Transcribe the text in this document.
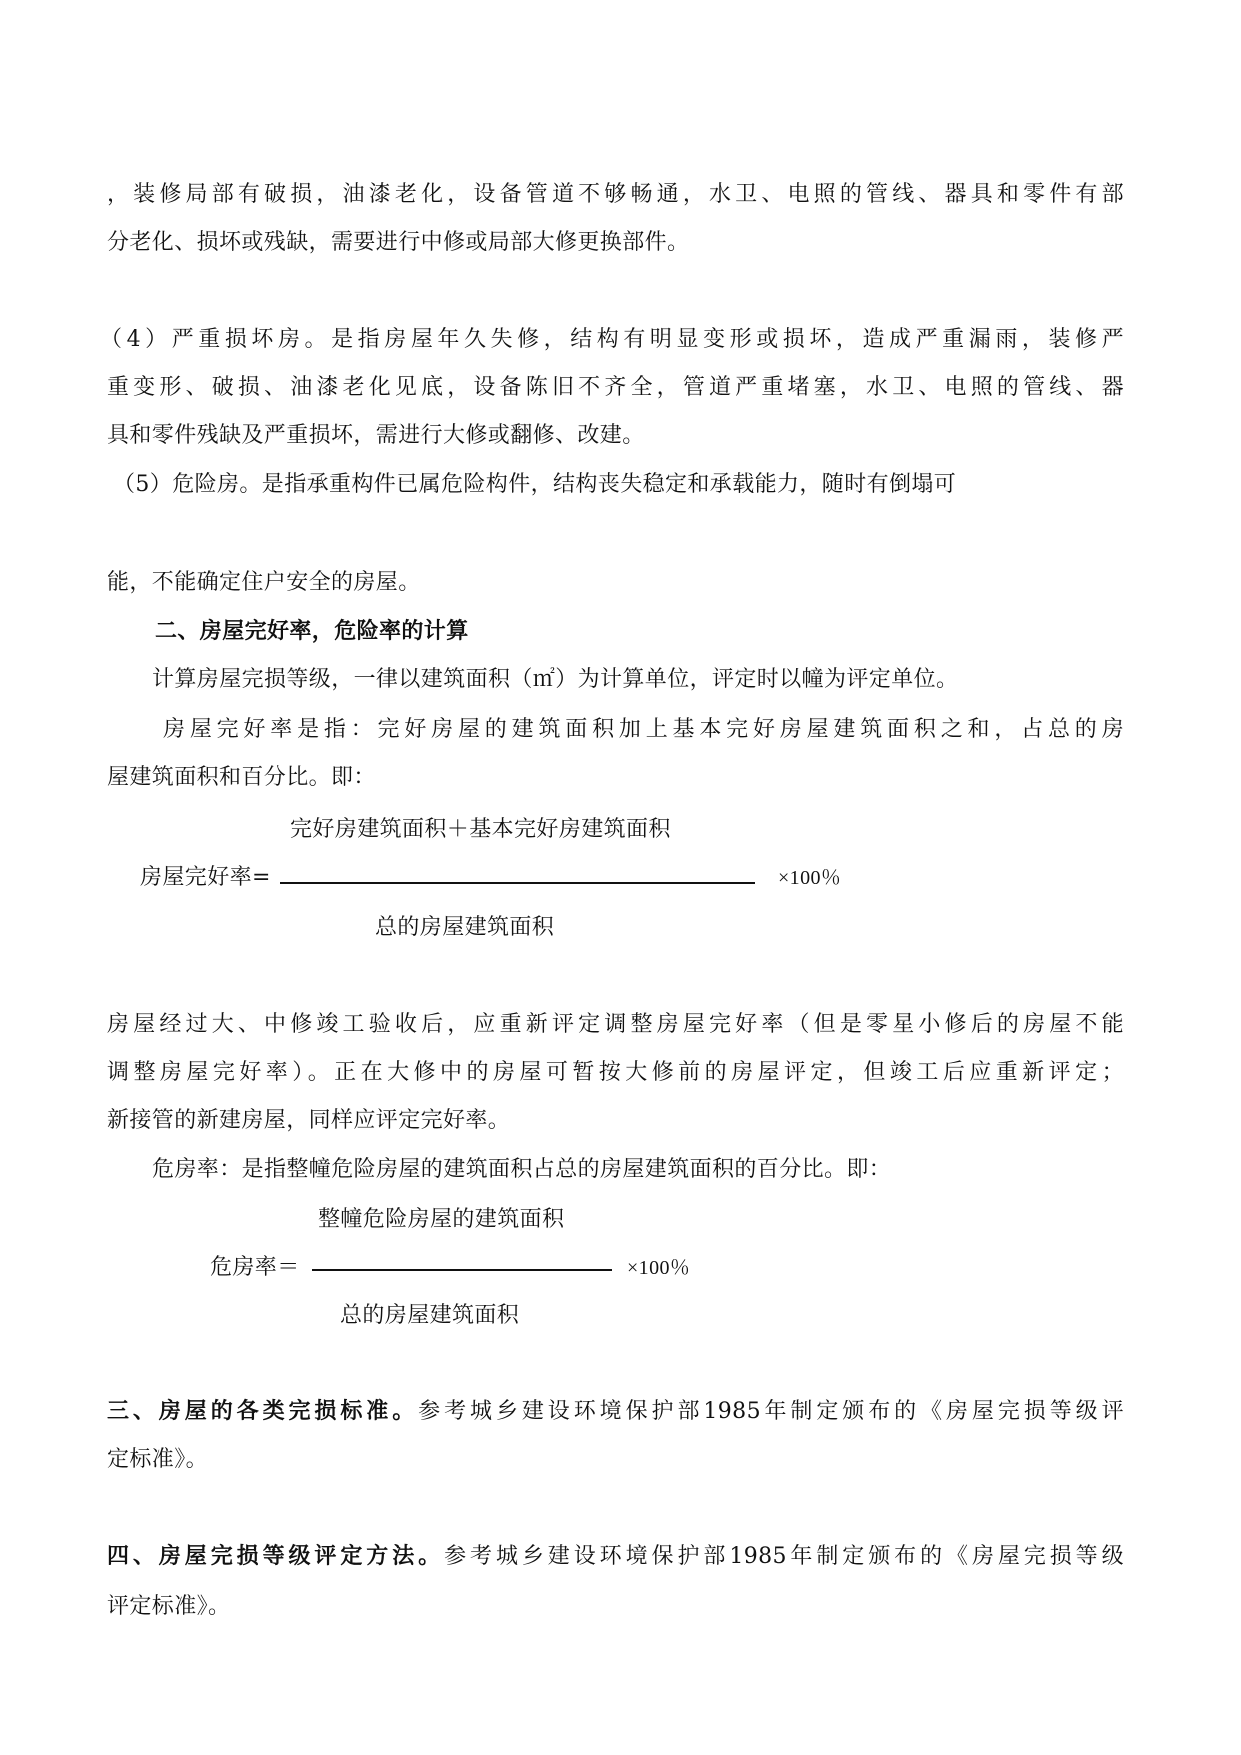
，装修局部有破损，油漆老化，设备管道不够畅通，水卫、电照的管线、器具和零件有部
分老化、损坏或残缺，需要进行中修或局部大修更换部件。
（4）严重损坏房。是指房屋年久失修，结构有明显变形或损坏，造成严重漏雨，装修严
重变形、破损、油漆老化见底，设备陈旧不齐全，管道严重堵塞，水卫、电照的管线、器
具和零件残缺及严重损坏，需进行大修或翻修、改建。
（5）危险房。是指承重构件已属危险构件，结构丧失稳定和承载能力，随时有倒塌可
能，不能确定住户安全的房屋。
二、房屋完好率，危险率的计算
计算房屋完损等级，一律以建筑面积（㎡）为计算单位，评定时以幢为评定单位。
房屋完好率是指：完好房屋的建筑面积加上基本完好房屋建筑面积之和，占总的房
屋建筑面积和百分比。即：
完好房建筑面积＋基本完好房建筑面积
房屋完好率=	×100％
总的房屋建筑面积
房屋经过大、中修竣工验收后，应重新评定调整房屋完好率（但是零星小修后的房屋不能
调整房屋完好率）。正在大修中的房屋可暂按大修前的房屋评定，但竣工后应重新评定；
新接管的新建房屋，同样应评定完好率。
危房率：是指整幢危险房屋的建筑面积占总的房屋建筑面积的百分比。即：
整幢危险房屋的建筑面积
危房率＝	×100％
总的房屋建筑面积
三、房屋的各类完损标准。参考城乡建设环境保护部1985年制定颁布的《房屋完损等级评
定标准》。
四、房屋完损等级评定方法。参考城乡建设环境保护部1985年制定颁布的《房屋完损等级
评定标准》。
